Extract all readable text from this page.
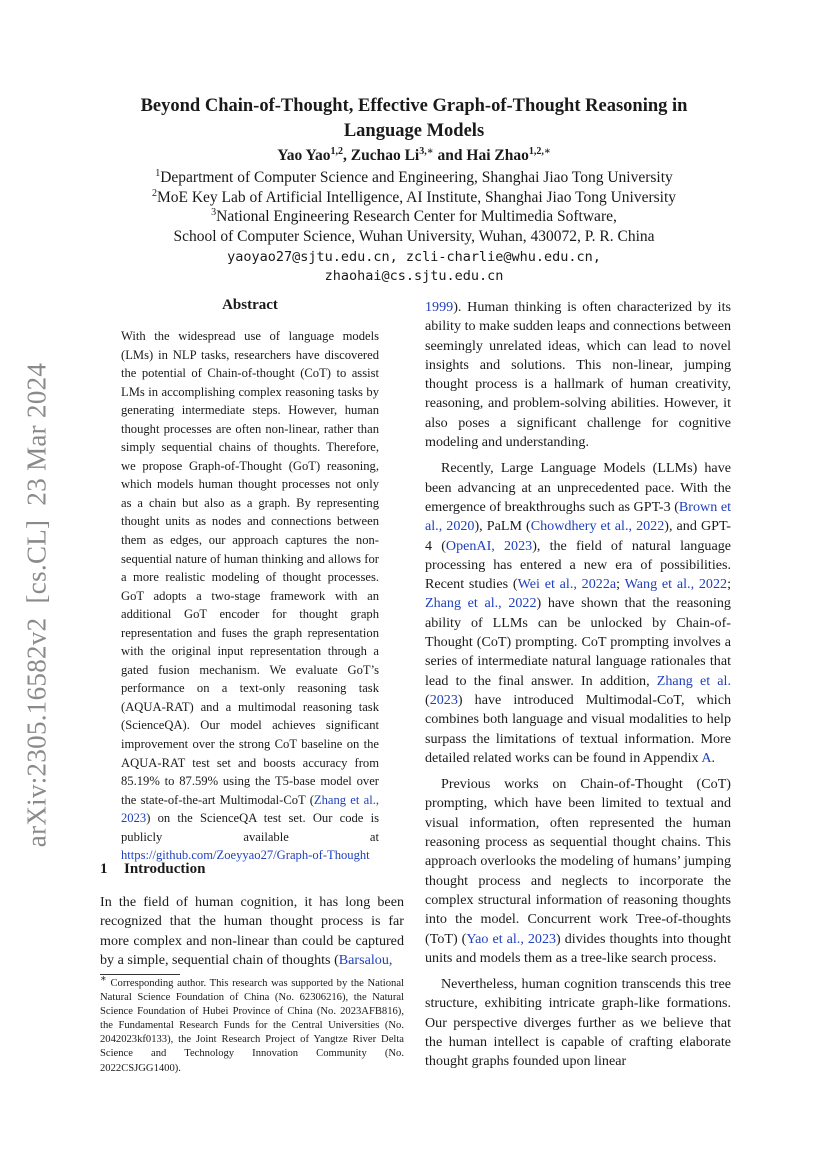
Beyond Chain-of-Thought, Effective Graph-of-Thought Reasoning in
Language Models
Yao Yao$^{1,2}$, Zuchao $Li^{3,∗}$ and Hai Zhao$^{1,2,∗}$
$^1$Department of Computer Science and Engineering, Shanghai Jiao Tong University
$^2$MoE Key Lab of Artificial Intelligence, AI Institute, Shanghai Jiao Tong University
$^3$National Engineering Research Center for Multimedia Software,
School of Computer Science, Wuhan University, Wuhan, 430072, P. R. China
yaoyao27@sjtu.edu.cn, zcli-charlie@whu.edu.cn,
zhaohai@cs.sjtu.edu.cn
arXiv:2305.16582v2  [cs.CL]  23 Mar 2024
Abstract
With the widespread use of language models (LMs) in NLP tasks, researchers have discovered the potential of Chain-of-thought (CoT) to assist LMs in accomplishing complex reasoning tasks by generating intermediate steps. However, human thought processes are often non-linear, rather than simply sequential chains of thoughts. Therefore, we propose Graph-of-Thought (GoT) reasoning, which models human thought processes not only as a chain but also as a graph. By representing thought units as nodes and connections between them as edges, our approach captures the non-sequential nature of human thinking and allows for a more realistic modeling of thought processes. GoT adopts a two-stage framework with an additional GoT encoder for thought graph representation and fuses the graph representation with the original input representation through a gated fusion mechanism. We evaluate GoT’s performance on a text-only reasoning task (AQUA-RAT) and a multimodal reasoning task (ScienceQA). Our model achieves significant improvement over the strong CoT baseline on the AQUA-RAT test set and boosts accuracy from 85.19% to 87.59% using the T5-base model over the state-of-the-art Multimodal-CoT (Zhang et al., 2023) on the ScienceQA test set. Our code is publicly available at https://github.com/Zoeyyao27/Graph-of-Thought
1 Introduction
In the field of human cognition, it has long been recognized that the human thought process is far more complex and non-linear than could be captured by a simple, sequential chain of thoughts (Barsalou,
∗ Corresponding author. This research was supported by the National Natural Science Foundation of China (No. 62306216), the Natural Science Foundation of Hubei Province of China (No. 2023AFB816), the Fundamental Research Funds for the Central Universities (No. 2042023kf0133), the Joint Research Project of Yangtze River Delta Science and Technology Innovation Community (No. 2022CSJGG1400).

1999). Human thinking is often characterized by its ability to make sudden leaps and connections between seemingly unrelated ideas, which can lead to novel insights and solutions. This non-linear, jumping thought process is a hallmark of human creativity, reasoning, and problem-solving abilities. However, it also poses a significant challenge for cognitive modeling and understanding.

Recently, Large Language Models (LLMs) have been advancing at an unprecedented pace. With the emergence of breakthroughs such as GPT-3 (Brown et al., 2020), PaLM (Chowdhery et al., 2022), and GPT-4 (OpenAI, 2023), the field of natural language processing has entered a new era of possibilities. Recent studies (Wei et al., 2022a; Wang et al., 2022; Zhang et al., 2022) have shown that the reasoning ability of LLMs can be unlocked by Chain-of-Thought (CoT) prompting. CoT prompting involves a series of intermediate natural language rationales that lead to the final answer. In addition, Zhang et al. (2023) have introduced Multimodal-CoT, which combines both language and visual modalities to help surpass the limitations of textual information. More detailed related works can be found in Appendix A.

Previous works on Chain-of-Thought (CoT) prompting, which have been limited to textual and visual information, often represented the human reasoning process as sequential thought chains. This approach overlooks the modeling of humans’ jumping thought process and neglects to incorporate the complex structural information of reasoning thoughts into the model. Concurrent work Tree-of-thoughts (ToT) (Yao et al., 2023) divides thoughts into thought units and models them as a tree-like search process.

Nevertheless, human cognition transcends this tree structure, exhibiting intricate graph-like formations. Our perspective diverges further as we believe that the human intellect is capable of crafting elaborate thought graphs founded upon linear
